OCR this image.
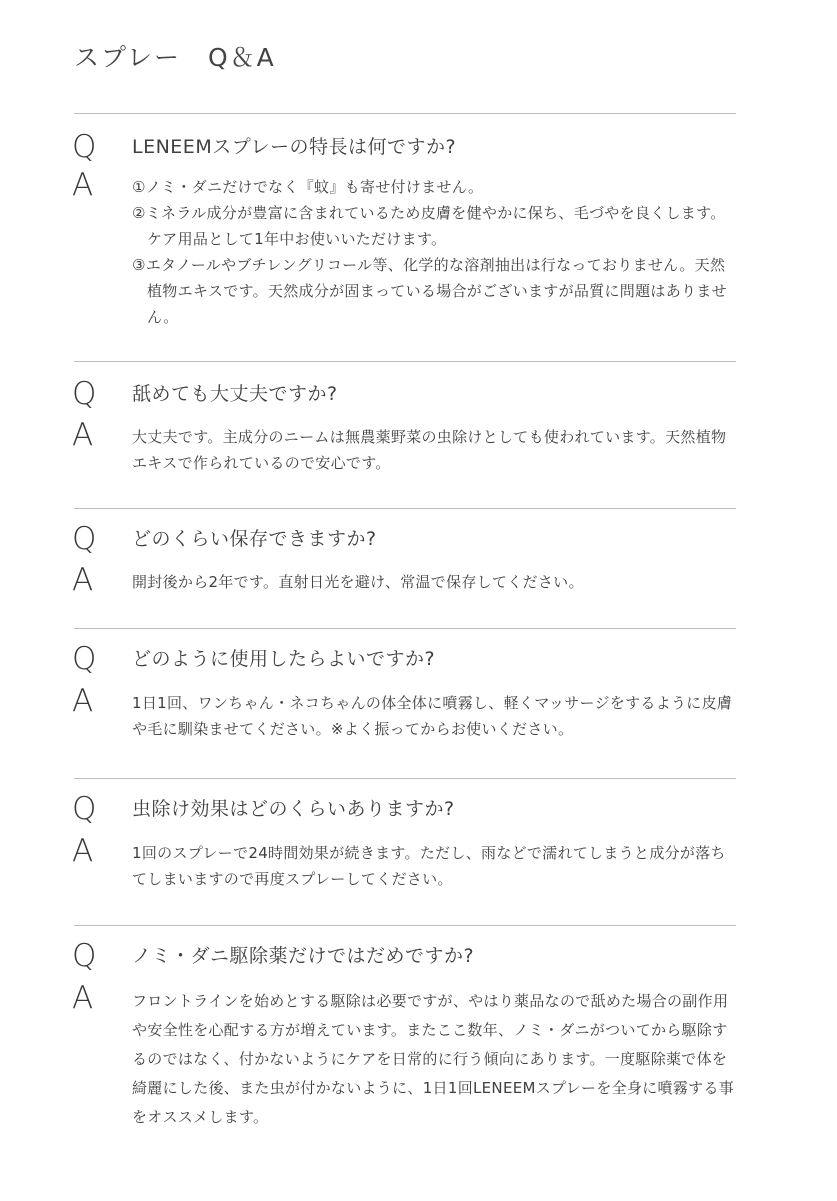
スプレー　Q＆A
Q LENEEMスプレーの特長は何ですか?
A	①ノミ・ダニだけでなく『蚊』も寄せ付けません。
②ミネラル成分が豊富に含まれているため皮膚を健やかに保ち、毛づやを良くします。ケア用品として1年中お使いいただけます。
③エタノールやブチレングリコール等、化学的な溶剤抽出は行なっておりません。天然植物エキスです。天然成分が固まっている場合がございますが品質に問題はありません。
Q 舐めても大丈夫ですか?
A	大丈夫です。主成分のニームは無農薬野菜の虫除けとしても使われています。天然植物エキスで作られているので安心です。
Q どのくらい保存できますか?
A	開封後から2年です。直射日光を避け、常温で保存してください。
Q どのように使用したらよいですか?
A	1日1回、ワンちゃん・ネコちゃんの体全体に噴霧し、軽くマッサージをするように皮膚や毛に馴染ませてください。※よく振ってからお使いください。
Q 虫除け効果はどのくらいありますか?
A	1回のスプレーで24時間効果が続きます。ただし、雨などで濡れてしまうと成分が落ちてしまいますので再度スプレーしてください。
Q ノミ・ダニ駆除薬だけではだめですか?
A	フロントラインを始めとする駆除は必要ですが、やはり薬品なので舐めた場合の副作用や安全性を心配する方が増えています。またここ数年、ノミ・ダニがついてから駆除するのではなく、付かないようにケアを日常的に行う傾向にあります。一度駆除薬で体を綺麗にした後、また虫が付かないように、1日1回LENEEMスプレーを全身に噴霧する事をオススメします。
